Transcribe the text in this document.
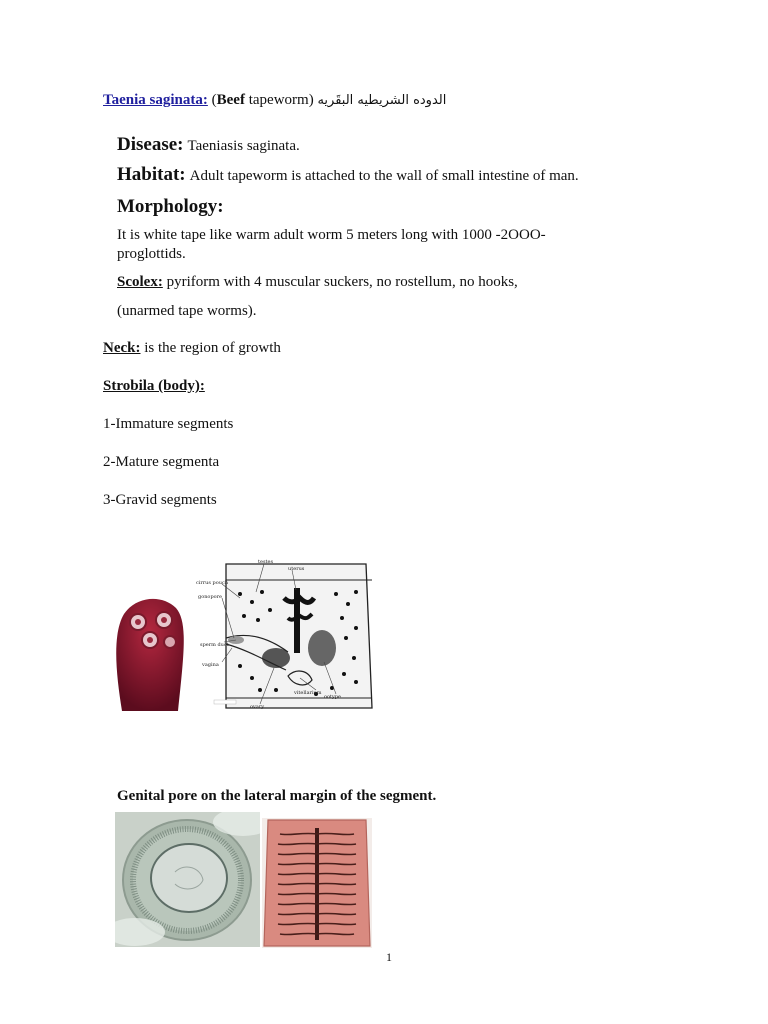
Taenia saginata: (Beef tapeworm) الدوده الشريطيه البقَريه
Disease: Taeniasis saginata.
Habitat: Adult tapeworm is attached to the wall of small intestine of man.
Morphology:
It is white tape like warm adult worm 5 meters long with 1000 -2OOO-
proglottids.
Scolex: pyriform with 4 muscular suckers, no rostellum, no hooks,
(unarmed tape worms).
Neck: is the region of growth
Strobila (body):
1-Immature segments
2-Mature segmenta
3-Gravid segments
testes
uterus
cirrus pouch
gonopore
sperm duct
vagina
vitellarium
ootype
ovary
Genital pore on the lateral margin of the segment.
1
